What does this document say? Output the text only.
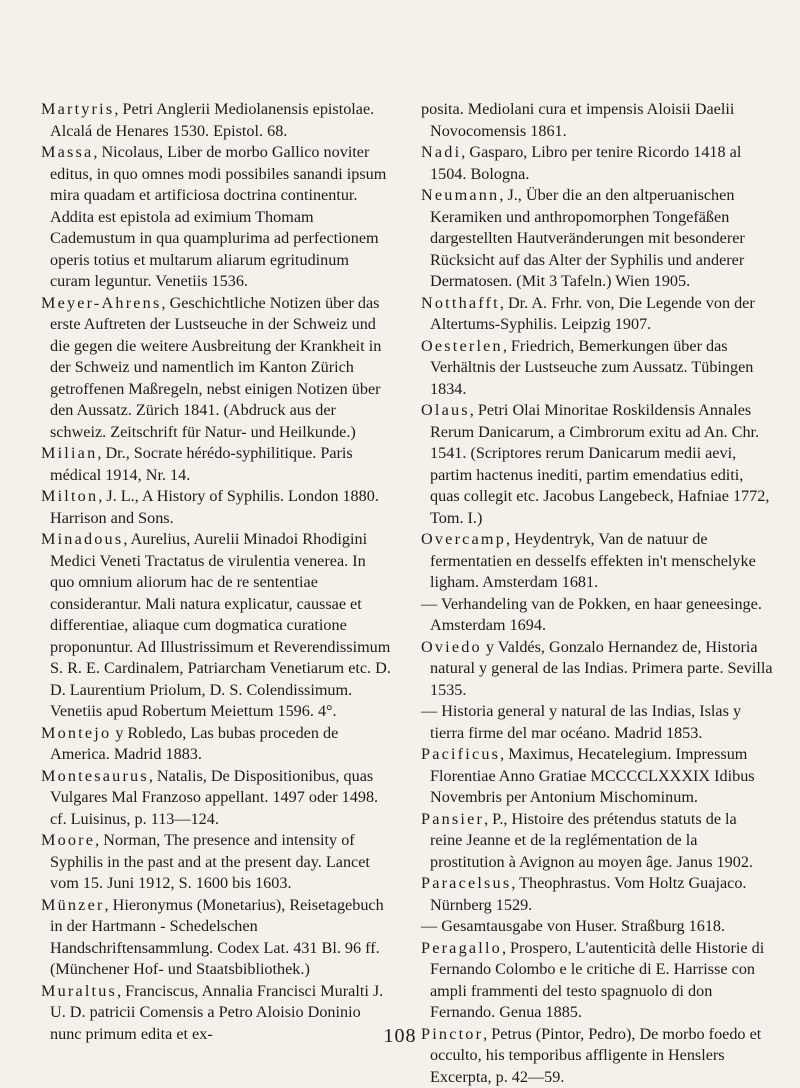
Martyris, Petri Anglerii Mediolanensis epistolae. Alcalá de Henares 1530. Epistol. 68.

Massa, Nicolaus, Liber de morbo Gallico noviter editus, in quo omnes modi possibiles sanandi ipsum mira quadam et artificiosa doctrina continentur. Addita est epistola ad eximium Thomam Cademustum in qua quamplurima ad perfectionem operis totius et multarum aliarum egritudinum curam leguntur. Venetiis 1536.

Meyer-Ahrens, Geschichtliche Notizen über das erste Auftreten der Lustseuche in der Schweiz und die gegen die weitere Ausbreitung der Krankheit in der Schweiz und namentlich im Kanton Zürich getroffenen Maßregeln, nebst einigen Notizen über den Aussatz. Zürich 1841. (Abdruck aus der schweiz. Zeitschrift für Natur- und Heilkunde.)

Milian, Dr., Socrate hérédo-syphilitique. Paris médical 1914, Nr. 14.

Milton, J. L., A History of Syphilis. London 1880. Harrison and Sons.

Minadous, Aurelius, Aurelii Minadoi Rhodigini Medici Veneti Tractatus de virulentia venerea. In quo omnium aliorum hac de re sententiae considerantur. Mali natura explicatur, caussae et differentiae, aliaque cum dogmatica curatione proponuntur. Ad Illustrissimum et Reverendissimum S. R. E. Cardinalem, Patriarcham Venetiarum etc. D. D. Laurentium Priolum, D. S. Colendissimum. Venetiis apud Robertum Meiettum 1596. 4°.

Montejo y Robledo, Las bubas proceden de America. Madrid 1883.

Montesaurus, Natalis, De Dispositionibus, quas Vulgares Mal Franzoso appellant. 1497 oder 1498. cf. Luisinus, p. 113—124.

Moore, Norman, The presence and intensity of Syphilis in the past and at the present day. Lancet vom 15. Juni 1912, S. 1600 bis 1603.

Münzer, Hieronymus (Monetarius), Reisetagebuch in der Hartmann - Schedelschen Handschriftensammlung. Codex Lat. 431 Bl. 96 ff. (Münchener Hof- und Staatsbibliothek.)

Muraltus, Franciscus, Annalia Francisci Muralti J. U. D. patricii Comensis a Petro Aloisio Doninio nunc primum edita et ex-

posita. Mediolani cura et impensis Aloisii Daelii Novocomensis 1861.

Nadi, Gasparo, Libro per tenire Ricordo 1418 al 1504. Bologna.

Neumann, J., Über die an den altperuanischen Keramiken und anthropomorphen Tongefäßen dargestellten Hautveränderungen mit besonderer Rücksicht auf das Alter der Syphilis und anderer Dermatosen. (Mit 3 Tafeln.) Wien 1905.

Notthafft, Dr. A. Frhr. von, Die Legende von der Altertums-Syphilis. Leipzig 1907.

Oesterlen, Friedrich, Bemerkungen über das Verhältnis der Lustseuche zum Aussatz. Tübingen 1834.

Olaus, Petri Olai Minoritae Roskildensis Annales Rerum Danicarum, a Cimbrorum exitu ad An. Chr. 1541. (Scriptores rerum Danicarum medii aevi, partim hactenus inediti, partim emendatius editi, quas collegit etc. Jacobus Langebeck, Hafniae 1772, Tom. I.)

Overcamp, Heydentryk, Van de natuur de fermentatien en desselfs effekten in't menschelyke ligham. Amsterdam 1681.

— Verhandeling van de Pokken, en haar geneesinge. Amsterdam 1694.

Oviedo y Valdés, Gonzalo Hernandez de, Historia natural y general de las Indias. Primera parte. Sevilla 1535.

— Historia general y natural de las Indias, Islas y tierra firme del mar océano. Madrid 1853.

Pacificus, Maximus, Hecatelegium. Impressum Florentiae Anno Gratiae MCCCCLXXXIX Idibus Novembris per Antonium Mischominum.

Pansier, P., Histoire des prétendus statuts de la reine Jeanne et de la reglémentation de la prostitution à Avignon au moyen âge. Janus 1902.

Paracelsus, Theophrastus. Vom Holtz Guajaco. Nürnberg 1529.

— Gesamtausgabe von Huser. Straßburg 1618.

Peragallo, Prospero, L'autenticità delle Historie di Fernando Colombo e le critiche di E. Harrisse con ampli frammenti del testo spagnuolo di don Fernando. Genua 1885.

Pinctor, Petrus (Pintor, Pedro), De morbo foedo et occulto, his temporibus affligente in Henslers Excerpta, p. 42—59.

108
